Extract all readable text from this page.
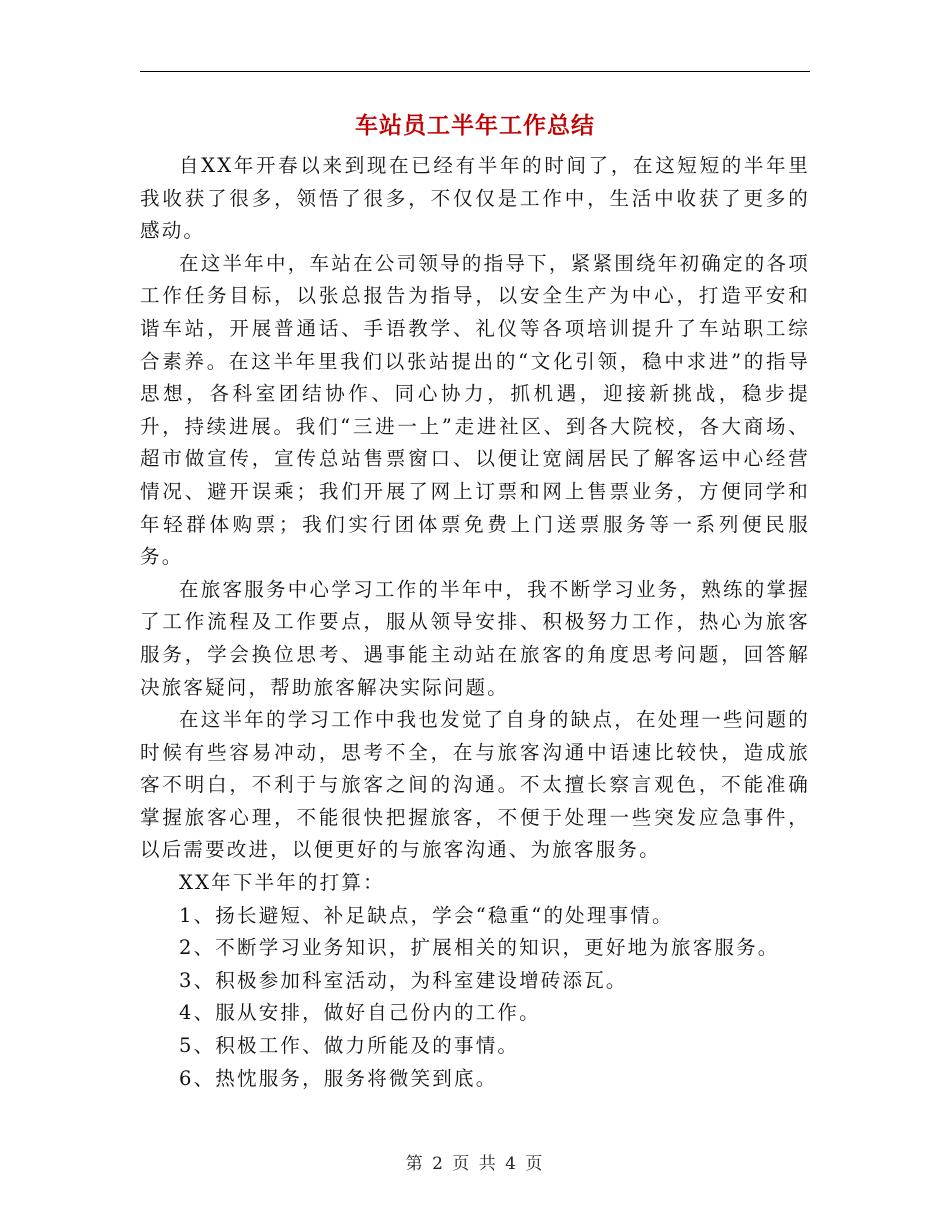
车站员工半年工作总结

自XX年开春以来到现在已经有半年的时间了，在这短短的半年里我收获了很多，领悟了很多，不仅仅是工作中，生活中收获了更多的感动。

在这半年中，车站在公司领导的指导下，紧紧围绕年初确定的各项工作任务目标，以张总报告为指导，以安全生产为中心，打造平安和谐车站，开展普通话、手语教学、礼仪等各项培训提升了车站职工综合素养。在这半年里我们以张站提出的“文化引领，稳中求进”的指导思想，各科室团结协作、同心协力，抓机遇，迎接新挑战，稳步提升，持续进展。我们“三进一上”走进社区、到各大院校，各大商场、超市做宣传，宣传总站售票窗口、以便让宽阔居民了解客运中心经营情况、避开误乘；我们开展了网上订票和网上售票业务，方便同学和年轻群体购票；我们实行团体票免费上门送票服务等一系列便民服务。

在旅客服务中心学习工作的半年中，我不断学习业务，熟练的掌握了工作流程及工作要点，服从领导安排、积极努力工作，热心为旅客服务，学会换位思考、遇事能主动站在旅客的角度思考问题，回答解决旅客疑问，帮助旅客解决实际问题。

在这半年的学习工作中我也发觉了自身的缺点，在处理一些问题的时候有些容易冲动，思考不全，在与旅客沟通中语速比较快，造成旅客不明白，不利于与旅客之间的沟通。不太擅长察言观色，不能准确掌握旅客心理，不能很快把握旅客，不便于处理一些突发应急事件，以后需要改进，以便更好的与旅客沟通、为旅客服务。

XX年下半年的打算：

1、扬长避短、补足缺点，学会“稳重“的处理事情。

2、不断学习业务知识，扩展相关的知识，更好地为旅客服务。

3、积极参加科室活动，为科室建设增砖添瓦。

4、服从安排，做好自己份内的工作。

5、积极工作、做力所能及的事情。

6、热忱服务，服务将微笑到底。

第 2 页 共 4 页
